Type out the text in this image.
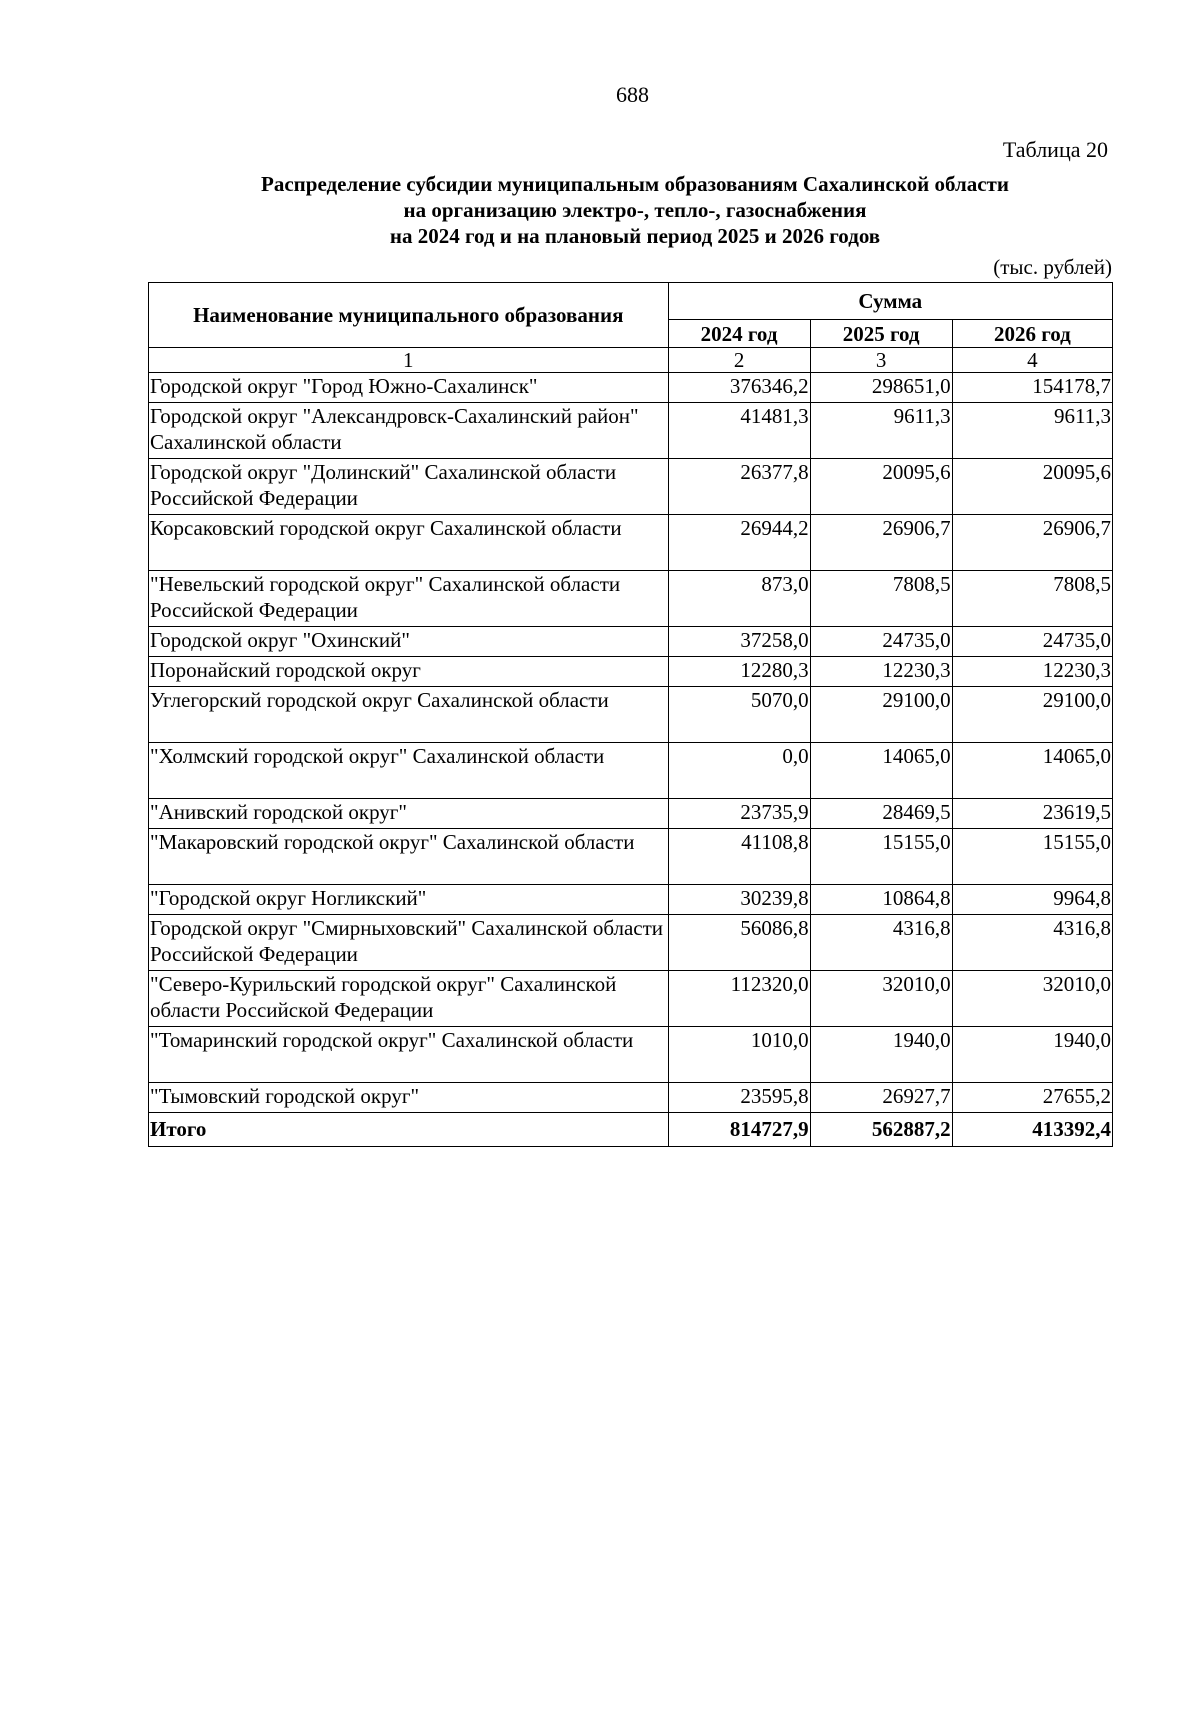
688
Таблица 20
Распределение субсидии муниципальным образованиям Сахалинской области
на организацию электро-, тепло-, газоснабжения
на 2024 год и на плановый период 2025 и 2026 годов
(тыс. рублей)
Наименование муниципального образования	Сумма		
	2024 год	2025 год	2026 год
1	2	3	4
Городской округ "Город Южно-Сахалинск"	376346,2	298651,0	154178,7
Городской округ "Александровск-Сахалинский район" Сахалинской области	41481,3	9611,3	9611,3
Городской округ "Долинский" Сахалинской области Российской Федерации	26377,8	20095,6	20095,6
Корсаковский городской округ Сахалинской области	26944,2	26906,7	26906,7
"Невельский городской округ" Сахалинской области Российской Федерации	873,0	7808,5	7808,5
Городской округ "Охинский"	37258,0	24735,0	24735,0
Поронайский городской округ	12280,3	12230,3	12230,3
Углегорский городской округ Сахалинской области	5070,0	29100,0	29100,0
"Холмский городской округ" Сахалинской области	0,0	14065,0	14065,0
"Анивский городской округ"	23735,9	28469,5	23619,5
"Макаровский городской округ" Сахалинской области	41108,8	15155,0	15155,0
"Городской округ Ногликский"	30239,8	10864,8	9964,8
Городской округ "Смирныховский" Сахалинской области Российской Федерации	56086,8	4316,8	4316,8
"Северо-Курильский городской округ" Сахалинской области Российской Федерации	112320,0	32010,0	32010,0
"Томаринский городской округ" Сахалинской области	1010,0	1940,0	1940,0
"Тымовский городской округ"	23595,8	26927,7	27655,2
Итого	814727,9	562887,2	413392,4
